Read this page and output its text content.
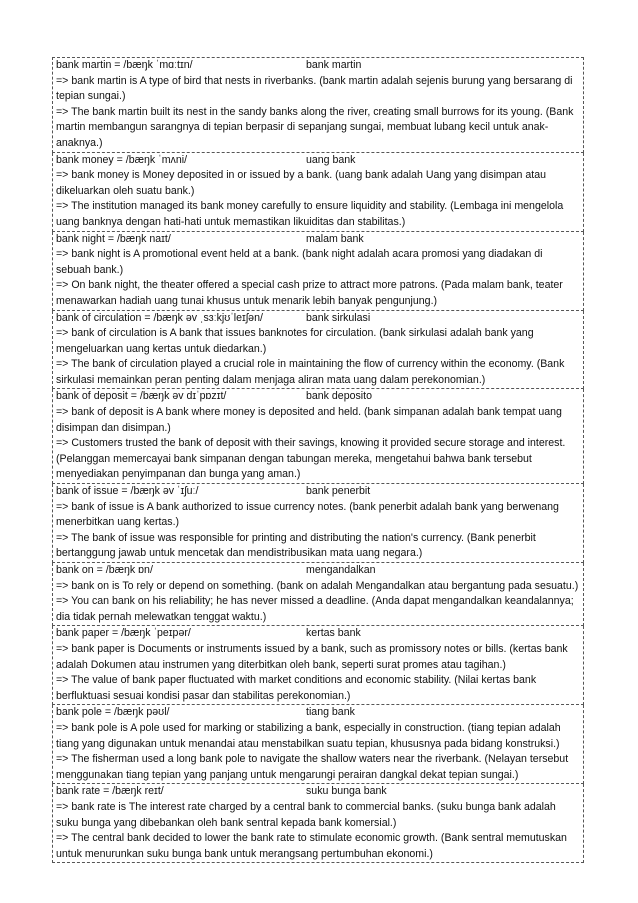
bank martin = /bæŋk ˈmɑːtɪn/	bank martin
=> bank martin is A type of bird that nests in riverbanks. (bank martin adalah sejenis burung yang bersarang di tepian sungai.)
=> The bank martin built its nest in the sandy banks along the river, creating small burrows for its young. (Bank martin membangun sarangnya di tepian berpasir di sepanjang sungai, membuat lubang kecil untuk anak-anaknya.)
bank money = /bæŋk ˈmʌni/	uang bank
=> bank money is Money deposited in or issued by a bank. (uang bank adalah Uang yang disimpan atau dikeluarkan oleh suatu bank.)
=> The institution managed its bank money carefully to ensure liquidity and stability. (Lembaga ini mengelola uang banknya dengan hati-hati untuk memastikan likuiditas dan stabilitas.)
bank night = /bæŋk naɪt/	malam bank
=> bank night is A promotional event held at a bank. (bank night adalah acara promosi yang diadakan di sebuah bank.)
=> On bank night, the theater offered a special cash prize to attract more patrons. (Pada malam bank, teater menawarkan hadiah uang tunai khusus untuk menarik lebih banyak pengunjung.)
bank of circulation = /bæŋk əv ˌsɜːkjʊˈleɪʃən/	bank sirkulasi
=> bank of circulation is A bank that issues banknotes for circulation. (bank sirkulasi adalah bank yang mengeluarkan uang kertas untuk diedarkan.)
=> The bank of circulation played a crucial role in maintaining the flow of currency within the economy. (Bank sirkulasi memainkan peran penting dalam menjaga aliran mata uang dalam perekonomian.)
bank of deposit = /bæŋk əv dɪˈpɒzɪt/	bank deposito
=> bank of deposit is A bank where money is deposited and held. (bank simpanan adalah bank tempat uang disimpan dan disimpan.)
=> Customers trusted the bank of deposit with their savings, knowing it provided secure storage and interest. (Pelanggan memercayai bank simpanan dengan tabungan mereka, mengetahui bahwa bank tersebut menyediakan penyimpanan dan bunga yang aman.)
bank of issue = /bæŋk əv ˈɪʃuː/	bank penerbit
=> bank of issue is A bank authorized to issue currency notes. (bank penerbit adalah bank yang berwenang menerbitkan uang kertas.)
=> The bank of issue was responsible for printing and distributing the nation's currency. (Bank penerbit bertanggung jawab untuk mencetak dan mendistribusikan mata uang negara.)
bank on = /bæŋk ɒn/	mengandalkan
=> bank on is To rely or depend on something. (bank on adalah Mengandalkan atau bergantung pada sesuatu.)
=> You can bank on his reliability; he has never missed a deadline. (Anda dapat mengandalkan keandalannya; dia tidak pernah melewatkan tenggat waktu.)
bank paper = /bæŋk ˈpeɪpər/	kertas bank
=> bank paper is Documents or instruments issued by a bank, such as promissory notes or bills. (kertas bank adalah Dokumen atau instrumen yang diterbitkan oleh bank, seperti surat promes atau tagihan.)
=> The value of bank paper fluctuated with market conditions and economic stability. (Nilai kertas bank berfluktuasi sesuai kondisi pasar dan stabilitas perekonomian.)
bank pole = /bæŋk pəʊl/	tiang bank
=> bank pole is A pole used for marking or stabilizing a bank, especially in construction. (tiang tepian adalah tiang yang digunakan untuk menandai atau menstabilkan suatu tepian, khususnya pada bidang konstruksi.)
=> The fisherman used a long bank pole to navigate the shallow waters near the riverbank. (Nelayan tersebut menggunakan tiang tepian yang panjang untuk mengarungi perairan dangkal dekat tepian sungai.)
bank rate = /bæŋk reɪt/	suku bunga bank
=> bank rate is The interest rate charged by a central bank to commercial banks. (suku bunga bank adalah suku bunga yang dibebankan oleh bank sentral kepada bank komersial.)
=> The central bank decided to lower the bank rate to stimulate economic growth. (Bank sentral memutuskan untuk menurunkan suku bunga bank untuk merangsang pertumbuhan ekonomi.)
